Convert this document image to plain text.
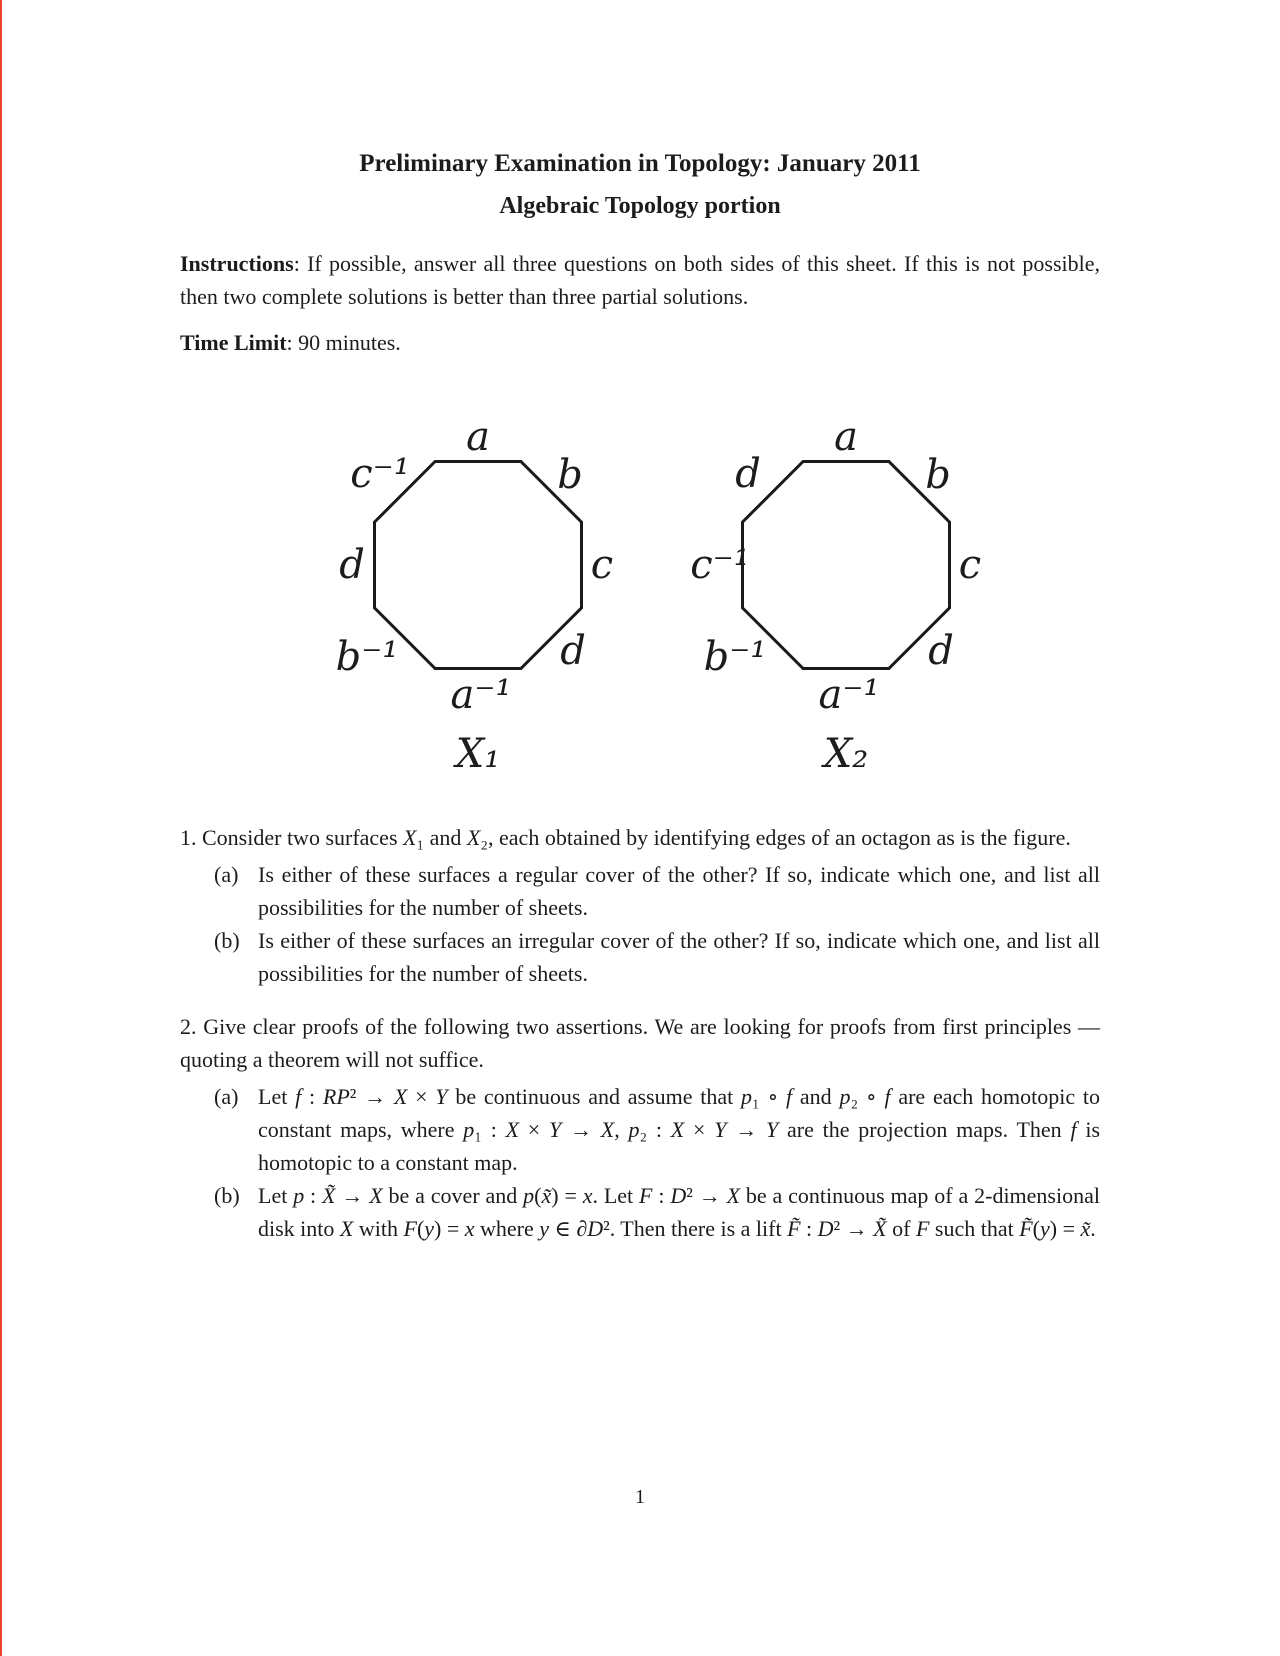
Preliminary Examination in Topology: January 2011
Algebraic Topology portion

Instructions: If possible, answer all three questions on both sides of this sheet. If this is not possible, then two complete solutions is better than three partial solutions.

Time Limit: 90 minutes.

a
b
c
d
a⁻¹
b⁻¹
d
c⁻¹
X₁
a
b
c
d
a⁻¹
b⁻¹
c⁻¹
d
X₂

1. Consider two surfaces X₁ and X₂, each obtained by identifying edges of an octagon as is the figure.

(a) Is either of these surfaces a regular cover of the other? If so, indicate which one, and list all possibilities for the number of sheets.
(b) Is either of these surfaces an irregular cover of the other? If so, indicate which one, and list all possibilities for the number of sheets.

2. Give clear proofs of the following two assertions. We are looking for proofs from first principles — quoting a theorem will not suffice.

(a) Let f : RP² → X × Y be continuous and assume that p₁ ∘ f and p₂ ∘ f are each homotopic to constant maps, where p₁ : X × Y → X, p₂ : X × Y → Y are the projection maps. Then f is homotopic to a constant map.
(b) Let p : X̃ → X be a cover and p(x̃) = x. Let F : D² → X be a continuous map of a 2-dimensional disk into X with F(y) = x where y ∈ ∂D². Then there is a lift F̃ : D² → X̃ of F such that F̃(y) = x̃.
1
